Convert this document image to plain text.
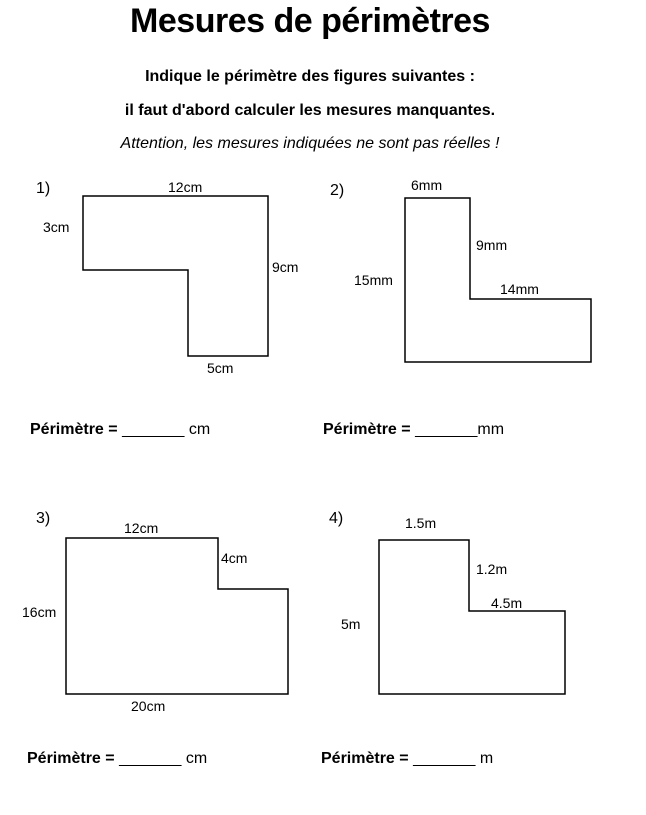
Mesures de périmètres
Indique le périmètre des figures suivantes :
il faut d'abord calculer les mesures manquantes.
Attention, les mesures indiquées ne sont pas réelles !
1)	12cm
3cm
9cm
5cm
Périmètre = _______ cm
2)	6mm
9mm
15mm
14mm
Périmètre = _______mm
3)
12cm
4cm
16cm
20cm
Périmètre = _______ cm
4)	1.5m
1.2m
4.5m
5m
Périmètre = _______ m
